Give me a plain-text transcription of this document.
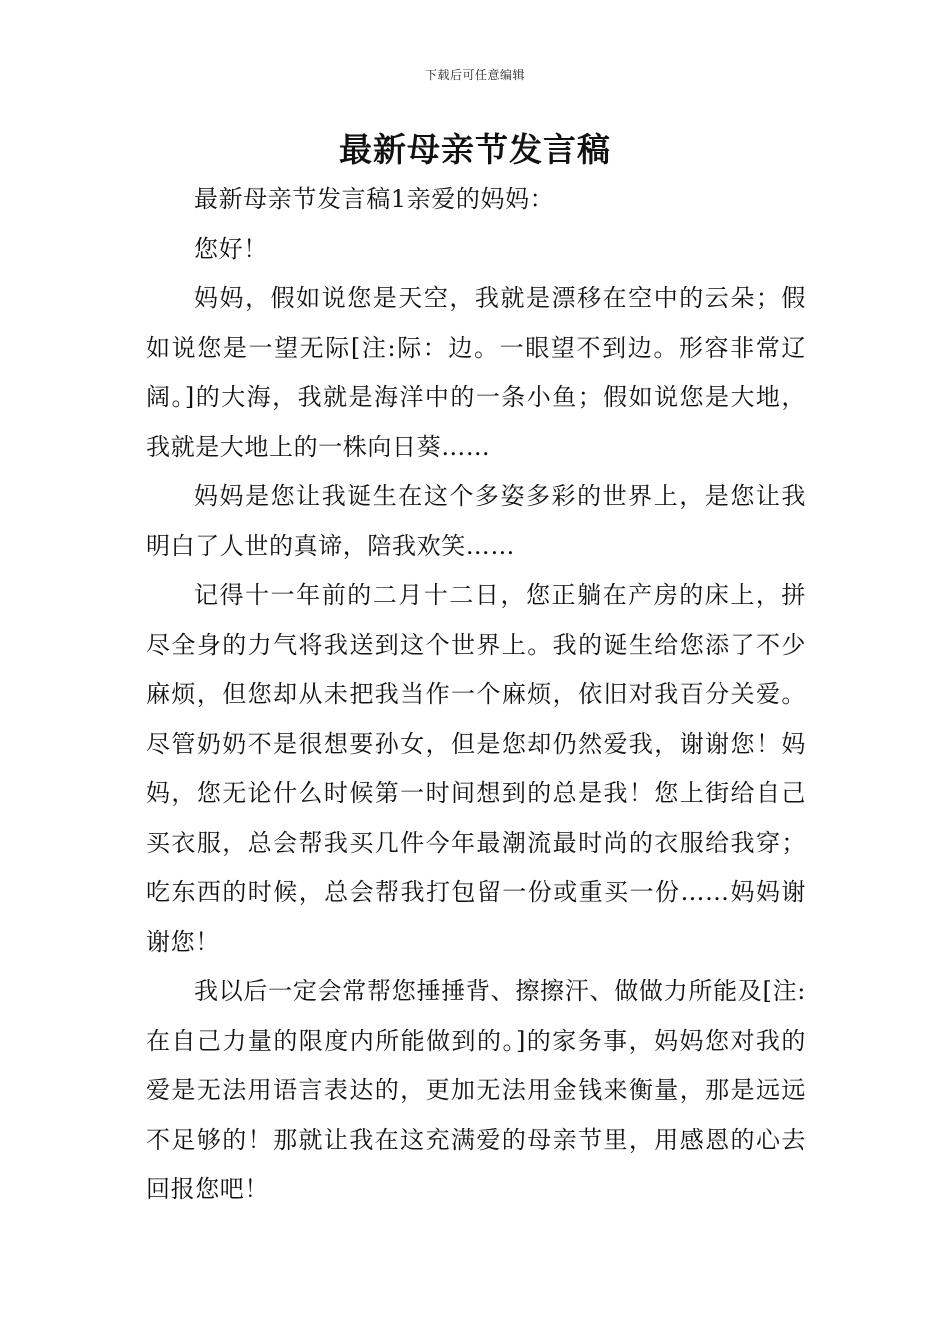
下载后可任意编辑
最新母亲节发言稿

最新母亲节发言稿1亲爱的妈妈：

您好！

妈妈，假如说您是天空，我就是漂移在空中的云朵；假如说您是一望无际[注:际：边。一眼望不到边。形容非常辽阔。]的大海，我就是海洋中的一条小鱼；假如说您是大地，我就是大地上的一株向日葵……

妈妈是您让我诞生在这个多姿多彩的世界上，是您让我明白了人世的真谛，陪我欢笑……

记得十一年前的二月十二日，您正躺在产房的床上，拼尽全身的力气将我送到这个世界上。我的诞生给您添了不少麻烦，但您却从未把我当作一个麻烦，依旧对我百分关爱。尽管奶奶不是很想要孙女，但是您却仍然爱我，谢谢您！妈妈，您无论什么时候第一时间想到的总是我！您上街给自己买衣服，总会帮我买几件今年最潮流最时尚的衣服给我穿；吃东西的时候，总会帮我打包留一份或重买一份……妈妈谢谢您！

我以后一定会常帮您捶捶背、擦擦汗、做做力所能及[注:在自己力量的限度内所能做到的。]的家务事，妈妈您对我的爱是无法用语言表达的，更加无法用金钱来衡量，那是远远不足够的！那就让我在这充满爱的母亲节里，用感恩的心去回报您吧！
